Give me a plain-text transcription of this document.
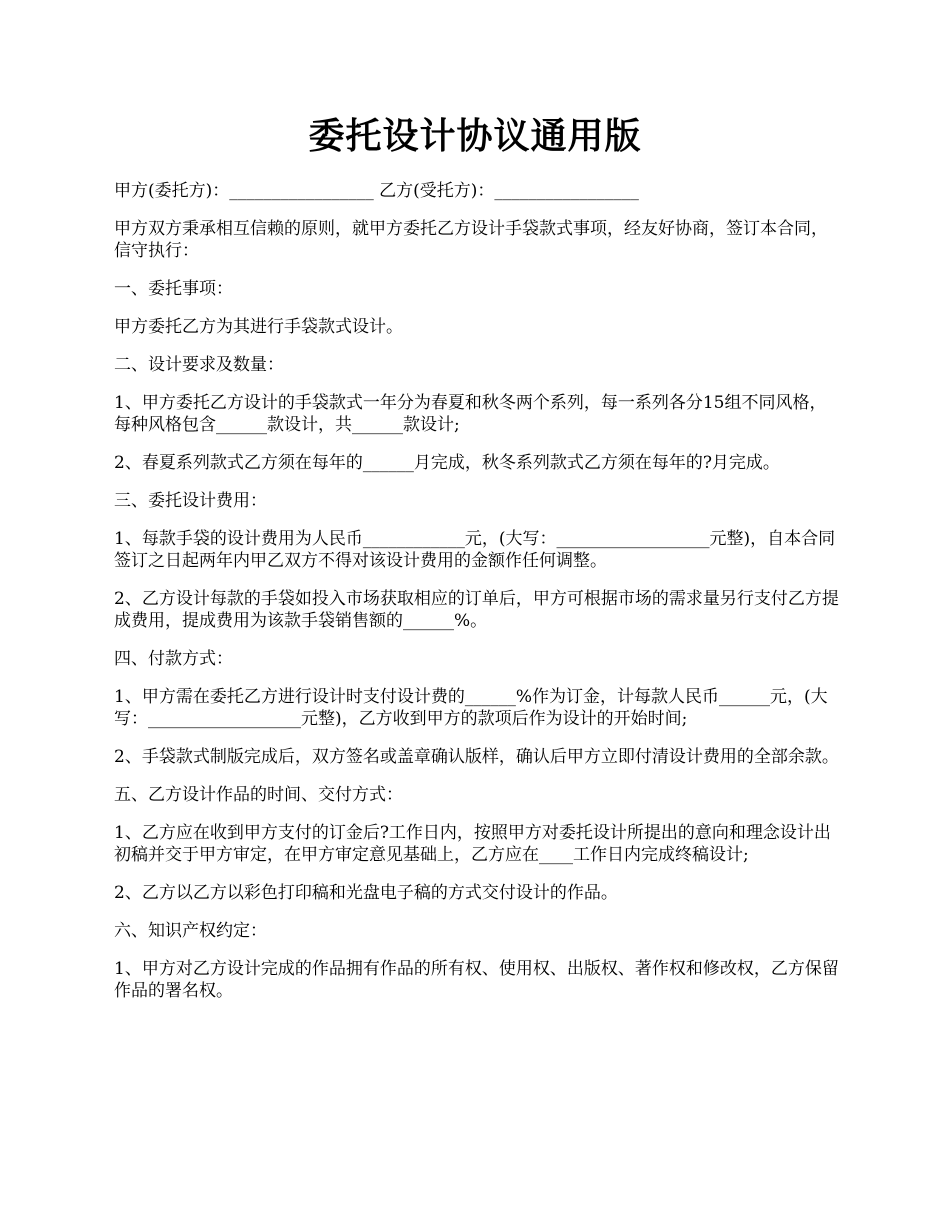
委托设计协议通用版

甲方(委托方)：_________________ 乙方(受托方)：_________________

甲方双方秉承相互信赖的原则，就甲方委托乙方设计手袋款式事项，经友好协商，签订本合同，信守执行：

一、委托事项：

甲方委托乙方为其进行手袋款式设计。

二、设计要求及数量：

1、甲方委托乙方设计的手袋款式一年分为春夏和秋冬两个系列，每一系列各分15组不同风格，每种风格包含______款设计，共______款设计;

2、春夏系列款式乙方须在每年的______月完成，秋冬系列款式乙方须在每年的?月完成。

三、委托设计费用：

1、每款手袋的设计费用为人民币____________元，(大写：__________________元整)，自本合同签订之日起两年内甲乙双方不得对该设计费用的金额作任何调整。

2、乙方设计每款的手袋如投入市场获取相应的订单后，甲方可根据市场的需求量另行支付乙方提成费用，提成费用为该款手袋销售额的______%。

四、付款方式：

1、甲方需在委托乙方进行设计时支付设计费的______%作为订金，计每款人民币______元，(大写：__________________元整)，乙方收到甲方的款项后作为设计的开始时间;

2、手袋款式制版完成后，双方签名或盖章确认版样，确认后甲方立即付清设计费用的全部余款。

五、乙方设计作品的时间、交付方式：

1、乙方应在收到甲方支付的订金后?工作日内，按照甲方对委托设计所提出的意向和理念设计出初稿并交于甲方审定，在甲方审定意见基础上，乙方应在____工作日内完成终稿设计;

2、乙方以乙方以彩色打印稿和光盘电子稿的方式交付设计的作品。

六、知识产权约定：

1、甲方对乙方设计完成的作品拥有作品的所有权、使用权、出版权、著作权和修改权，乙方保留作品的署名权。
